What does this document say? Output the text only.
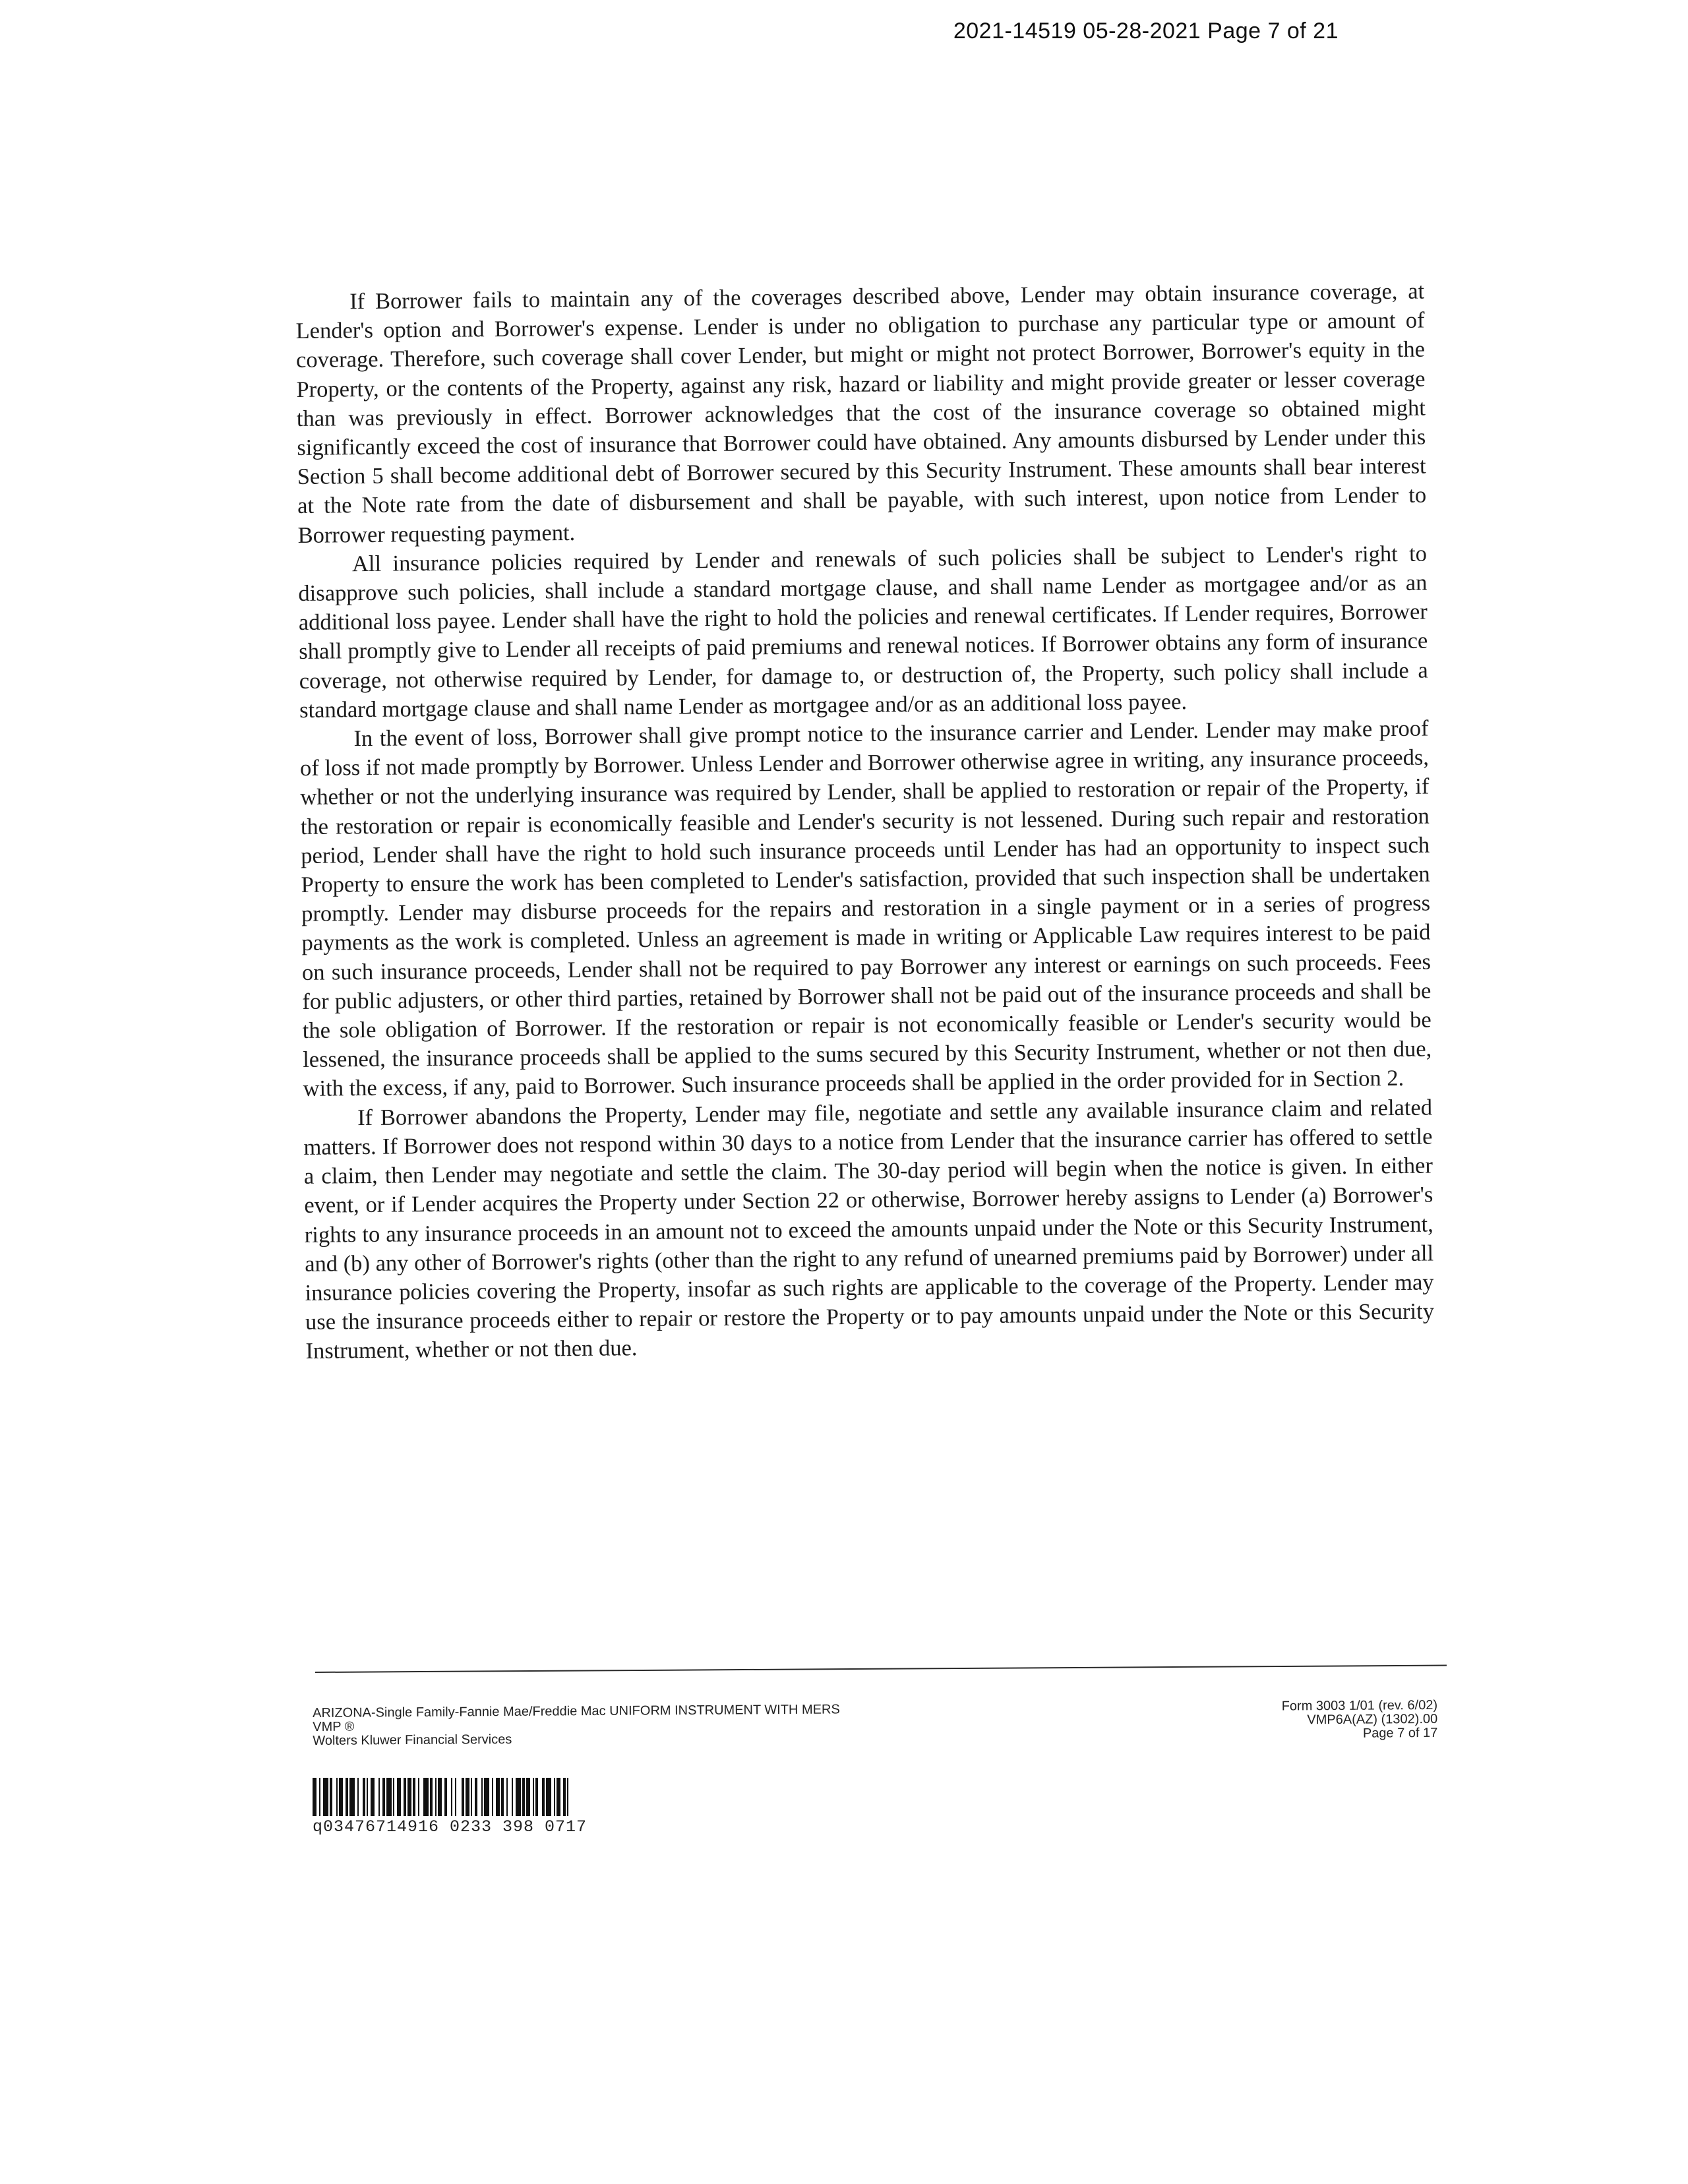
2021-14519 05-28-2021 Page 7 of 21

If Borrower fails to maintain any of the coverages described above, Lender may obtain insurance coverage, at Lender's option and Borrower's expense. Lender is under no obligation to purchase any particular type or amount of coverage. Therefore, such coverage shall cover Lender, but might or might not protect Borrower, Borrower's equity in the Property, or the contents of the Property, against any risk, hazard or liability and might provide greater or lesser coverage than was previously in effect. Borrower acknowledges that the cost of the insurance coverage so obtained might significantly exceed the cost of insurance that Borrower could have obtained. Any amounts disbursed by Lender under this Section 5 shall become additional debt of Borrower secured by this Security Instrument. These amounts shall bear interest at the Note rate from the date of disbursement and shall be payable, with such interest, upon notice from Lender to Borrower requesting payment.

All insurance policies required by Lender and renewals of such policies shall be subject to Lender's right to disapprove such policies, shall include a standard mortgage clause, and shall name Lender as mortgagee and/or as an additional loss payee. Lender shall have the right to hold the policies and renewal certificates. If Lender requires, Borrower shall promptly give to Lender all receipts of paid premiums and renewal notices. If Borrower obtains any form of insurance coverage, not otherwise required by Lender, for damage to, or destruction of, the Property, such policy shall include a standard mortgage clause and shall name Lender as mortgagee and/or as an additional loss payee.

In the event of loss, Borrower shall give prompt notice to the insurance carrier and Lender. Lender may make proof of loss if not made promptly by Borrower. Unless Lender and Borrower otherwise agree in writing, any insurance proceeds, whether or not the underlying insurance was required by Lender, shall be applied to restoration or repair of the Property, if the restoration or repair is economically feasible and Lender's security is not lessened. During such repair and restoration period, Lender shall have the right to hold such insurance proceeds until Lender has had an opportunity to inspect such Property to ensure the work has been completed to Lender's satisfaction, provided that such inspection shall be undertaken promptly. Lender may disburse proceeds for the repairs and restoration in a single payment or in a series of progress payments as the work is completed. Unless an agreement is made in writing or Applicable Law requires interest to be paid on such insurance proceeds, Lender shall not be required to pay Borrower any interest or earnings on such proceeds. Fees for public adjusters, or other third parties, retained by Borrower shall not be paid out of the insurance proceeds and shall be the sole obligation of Borrower. If the restoration or repair is not economically feasible or Lender's security would be lessened, the insurance proceeds shall be applied to the sums secured by this Security Instrument, whether or not then due, with the excess, if any, paid to Borrower. Such insurance proceeds shall be applied in the order provided for in Section 2.

If Borrower abandons the Property, Lender may file, negotiate and settle any available insurance claim and related matters. If Borrower does not respond within 30 days to a notice from Lender that the insurance carrier has offered to settle a claim, then Lender may negotiate and settle the claim. The 30-day period will begin when the notice is given. In either event, or if Lender acquires the Property under Section 22 or otherwise, Borrower hereby assigns to Lender (a) Borrower's rights to any insurance proceeds in an amount not to exceed the amounts unpaid under the Note or this Security Instrument, and (b) any other of Borrower's rights (other than the right to any refund of unearned premiums paid by Borrower) under all insurance policies covering the Property, insofar as such rights are applicable to the coverage of the Property. Lender may use the insurance proceeds either to repair or restore the Property or to pay amounts unpaid under the Note or this Security Instrument, whether or not then due.

ARIZONA-Single Family-Fannie Mae/Freddie Mac UNIFORM INSTRUMENT WITH MERS
VMP ®
Wolters Kluwer Financial Services
Form 3003 1/01 (rev. 6/02)
VMP6A(AZ) (1302).00
Page 7 of 17
q03476714916 0233 398 0717
